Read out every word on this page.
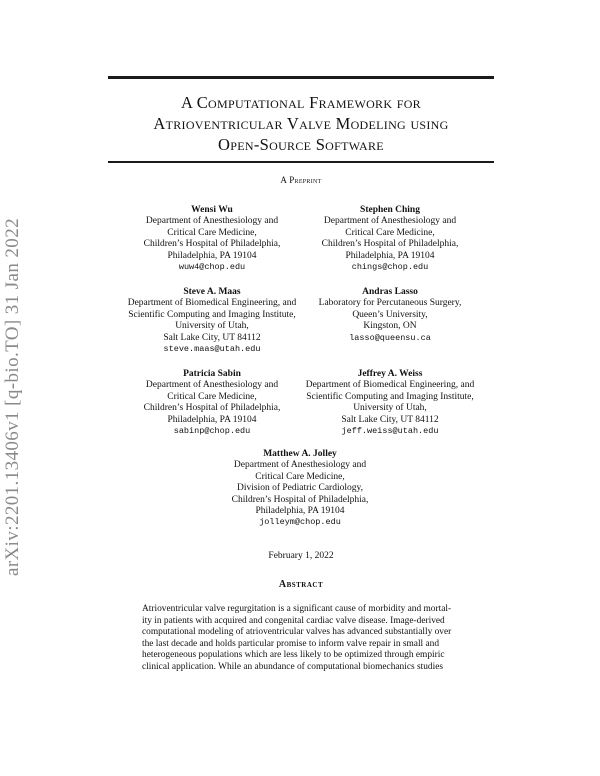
arXiv:2201.13406v1 [q-bio.TO] 31 Jan 2022
A Computational Framework for
Atrioventricular Valve Modeling using
Open-Source Software
A Preprint
Wensi Wu
Department of Anesthesiology and
Critical Care Medicine,
Children’s Hospital of Philadelphia,
Philadelphia, PA 19104
wuw4@chop.edu
Stephen Ching
Department of Anesthesiology and
Critical Care Medicine,
Children’s Hospital of Philadelphia,
Philadelphia, PA 19104
chings@chop.edu
Steve A. Maas
Department of Biomedical Engineering, and
Scientific Computing and Imaging Institute,
University of Utah,
Salt Lake City, UT 84112
steve.maas@utah.edu
Andras Lasso
Laboratory for Percutaneous Surgery,
Queen’s University,
Kingston, ON
lasso@queensu.ca
Patricia Sabin
Department of Anesthesiology and
Critical Care Medicine,
Children’s Hospital of Philadelphia,
Philadelphia, PA 19104
sabinp@chop.edu
Jeffrey A. Weiss
Department of Biomedical Engineering, and
Scientific Computing and Imaging Institute,
University of Utah,
Salt Lake City, UT 84112
jeff.weiss@utah.edu
Matthew A. Jolley
Department of Anesthesiology and
Critical Care Medicine,
Division of Pediatric Cardiology,
Children’s Hospital of Philadelphia,
Philadelphia, PA 19104
jolleym@chop.edu
February 1, 2022
Abstract
Atrioventricular valve regurgitation is a significant cause of morbidity and mortal-
ity in patients with acquired and congenital cardiac valve disease. Image-derived
computational modeling of atrioventricular valves has advanced substantially over
the last decade and holds particular promise to inform valve repair in small and
heterogeneous populations which are less likely to be optimized through empiric
clinical application. While an abundance of computational biomechanics studies
